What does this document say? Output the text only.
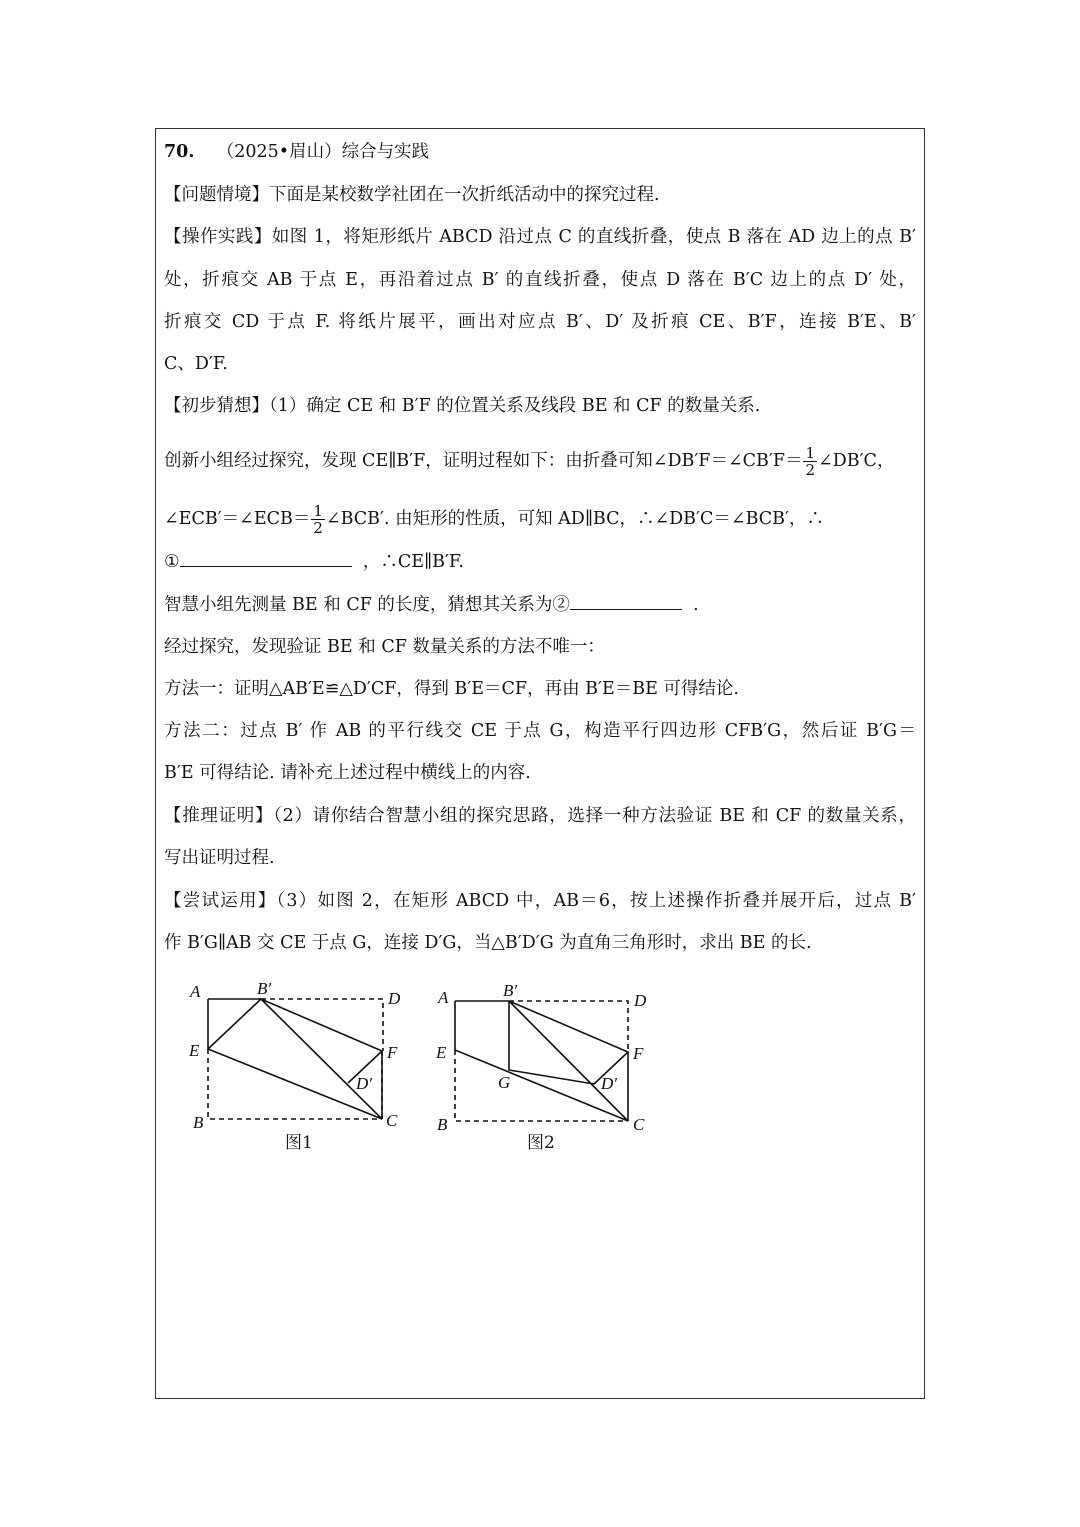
70. （2025•眉山）综合与实践
【问题情境】下面是某校数学社团在一次折纸活动中的探究过程.
【操作实践】如图 1，将矩形纸片 ABCD 沿过点 C 的直线折叠，使点 B 落在 AD 边上的点 B′
处，折痕交 AB 于点 E，再沿着过点 B′ 的直线折叠，使点 D 落在 B′C 边上的点 D′ 处，
折痕交 CD 于点 F. 将纸片展平，画出对应点 B′、D′ 及折痕 CE、B′F，连接 B′E、B′
C、D′F.
【初步猜想】（1）确定 CE 和 B′F 的位置关系及线段 BE 和 CF 的数量关系.
创新小组经过探究，发现 CE∥B′F，证明过程如下：由折叠可知∠DB′F＝∠CB′F＝ $\frac{1}{2}$ ∠DB′C，
∠ECB′＝∠ECB＝ $\frac{1}{2}$ ∠BCB′. 由矩形的性质，可知 AD∥BC，∴∠DB′C＝∠BCB′，∴
①	，∴CE∥B′F.
智慧小组先测量 BE 和 CF 的长度，猜想其关系为②	.
经过探究，发现验证 BE 和 CF 数量关系的方法不唯一：
方法一：证明△AB′E≌△D′CF，得到 B′E＝CF，再由 B′E＝BE 可得结论.
方法二：过点 B′ 作 AB 的平行线交 CE 于点 G，构造平行四边形 CFB′G，然后证 B′G＝
B′E 可得结论. 请补充上述过程中横线上的内容.
【推理证明】（2）请你结合智慧小组的探究思路，选择一种方法验证 BE 和 CF 的数量关系，
写出证明过程.
【尝试运用】（3）如图 2，在矩形 ABCD 中，AB＝6，按上述操作折叠并展开后，过点 B′
作 B′G∥AB 交 CE 于点 G，连接 D′G，当△B′D′G 为直角三角形时，求出 BE 的长.
A	B′
D
E	F
D′
B	C
A	B′
D
E
G
F
D′
B	C
图1	图2
